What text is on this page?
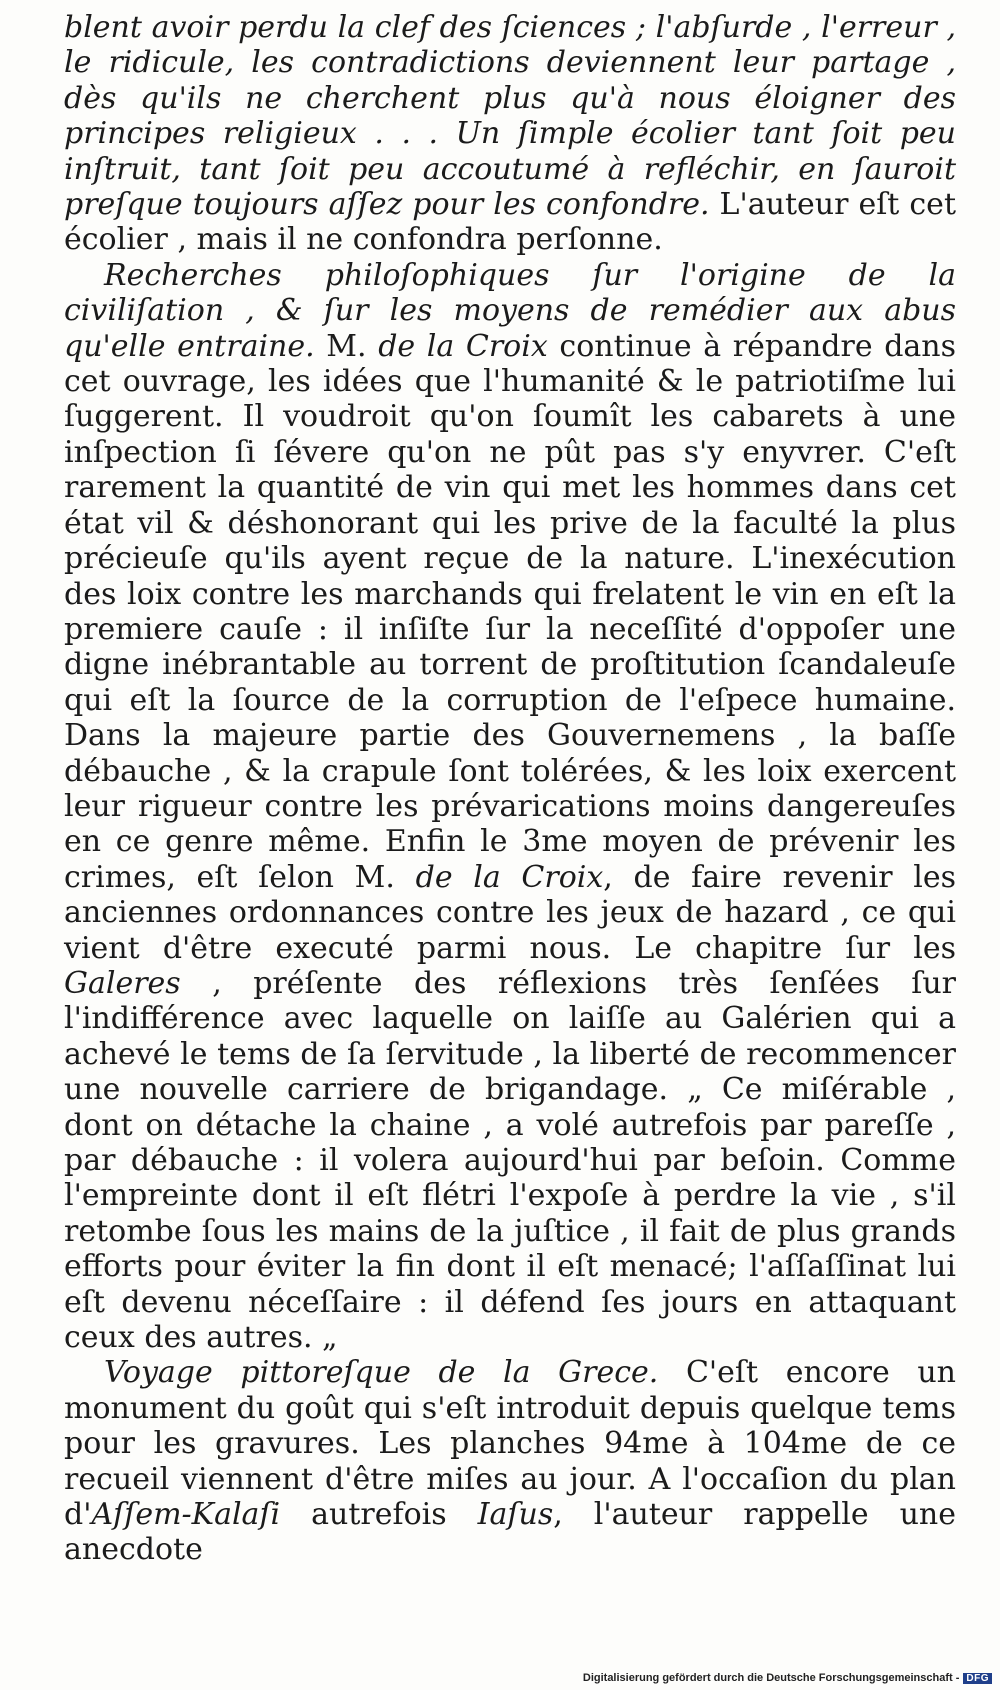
blent avoir perdu la clef des ſciences ; l'abſurde , l'erreur , le ridicule, les contradictions deviennent leur partage , dès qu'ils ne cherchent plus qu'à nous éloigner des principes religieux . . . Un ſimple écolier tant ſoit peu inſtruit, tant ſoit peu accoutumé à refléchir, en ſauroit preſque toujours aſſez pour les confondre. L'auteur eſt cet écolier , mais il ne confondra perſonne.

Recherches philoſophiques ſur l'origine de la civiliſation , & ſur les moyens de remédier aux abus qu'elle entraine. M. de la Croix continue à répandre dans cet ouvrage, les idées que l'humanité & le patriotiſme lui ſuggerent. Il voudroit qu'on ſoumît les cabarets à une inſpection ſi ſévere qu'on ne pût pas s'y enyvrer. C'eſt rarement la quantité de vin qui met les hommes dans cet état vil & déshonorant qui les prive de la faculté la plus précieuſe qu'ils ayent reçue de la nature. L'inexécution des loix contre les marchands qui frelatent le vin en eſt la premiere cauſe : il inſiſte ſur la neceſſité d'oppoſer une digne inébrantable au torrent de proſtitution ſcandaleuſe qui eſt la ſource de la corruption de l'eſpece humaine. Dans la majeure partie des Gouvernemens , la baſſe débauche , & la crapule ſont tolérées, & les loix exercent leur rigueur contre les prévarications moins dangereuſes en ce genre même. Enfin le 3me moyen de prévenir les crimes, eſt ſelon M. de la Croix, de faire revenir les anciennes ordonnances contre les jeux de hazard , ce qui vient d'être executé parmi nous. Le chapitre ſur les Galeres , préſente des réflexions très ſenſées ſur l'indifférence avec laquelle on laiſſe au Galérien qui a achevé le tems de ſa ſervitude , la liberté de recommencer une nouvelle carriere de brigandage. „ Ce miſérable , dont on détache la chaine , a volé autrefois par pareſſe , par débauche : il volera aujourd'hui par beſoin. Comme l'empreinte dont il eſt flétri l'expoſe à perdre la vie , s'il retombe ſous les mains de la juſtice , il fait de plus grands efforts pour éviter la fin dont il eſt menacé; l'aſſaſſinat lui eſt devenu néceſſaire : il défend ſes jours en attaquant ceux des autres. „

Voyage pittoreſque de la Grece. C'eſt encore un monument du goût qui s'eſt introduit depuis quelque tems pour les gravures. Les planches 94me à 104me de ce recueil viennent d'être miſes au jour. A l'occaſion du plan d'Aſſem-Kalaſi autrefois Iaſus, l'auteur rappelle une anecdote

Digitalisierung gefördert durch die Deutsche Forschungsgemeinschaft - DFG
